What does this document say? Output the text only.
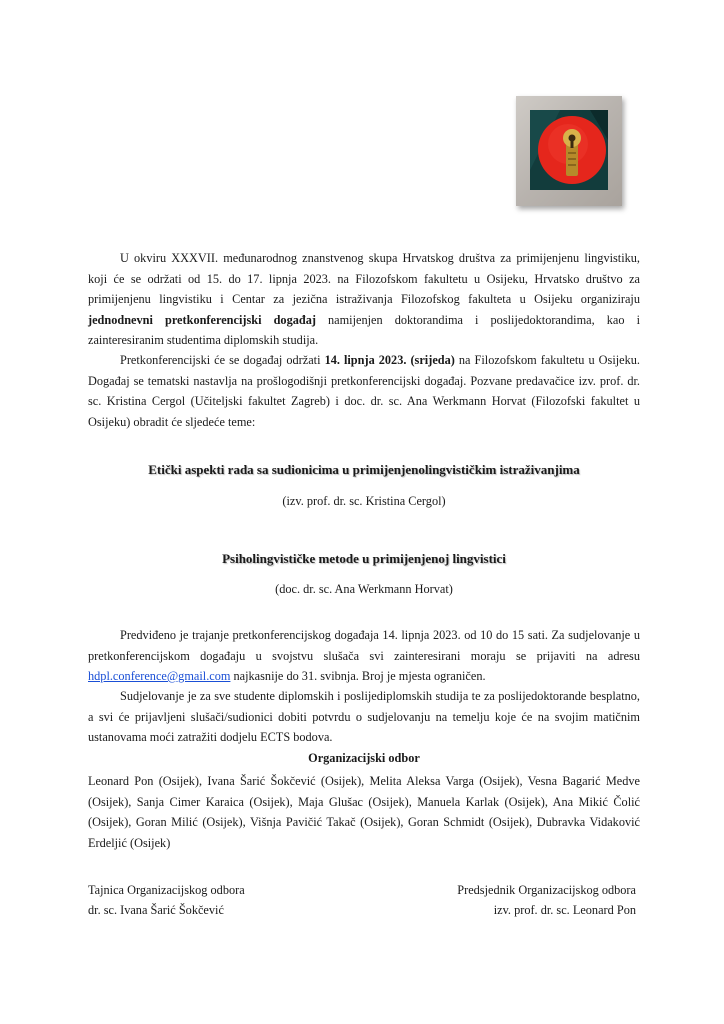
U okviru XXXVII. međunarodnog znanstvenog skupa Hrvatskog društva za primijenjenu lingvistiku, koji će se održati od 15. do 17. lipnja 2023. na Filozofskom fakultetu u Osijeku, Hrvatsko društvo za primijenjenu lingvistiku i Centar za jezična istraživanja Filozofskog fakulteta u Osijeku organiziraju jednodnevni pretkonferencijski događaj namijenjen doktorandima i poslijedoktorandima, kao i zainteresiranim studentima diplomskih studija.

Pretkonferencijski će se događaj održati 14. lipnja 2023. (srijeda) na Filozofskom fakultetu u Osijeku. Događaj se tematski nastavlja na prošlogodišnji pretkonferencijski događaj. Pozvane predavačice izv. prof. dr. sc. Kristina Cergol (Učiteljski fakultet Zagreb) i doc. dr. sc. Ana Werkmann Horvat (Filozofski fakultet u Osijeku) obradit će sljedeće teme:

Etički aspekti rada sa sudionicima u primijenjenolingvističkim istraživanjima

(izv. prof. dr. sc. Kristina Cergol)

Psiholingvističke metode u primijenjenoj lingvistici

(doc. dr. sc. Ana Werkmann Horvat)

Predviđeno je trajanje pretkonferencijskog događaja 14. lipnja 2023. od 10 do 15 sati. Za sudjelovanje u pretkonferencijskom događaju u svojstvu slušača svi zainteresirani moraju se prijaviti na adresu hdpl.conference@gmail.com najkasnije do 31. svibnja. Broj je mjesta ograničen.

Sudjelovanje je za sve studente diplomskih i poslijediplomskih studija te za poslijedoktorande besplatno, a svi će prijavljeni slušači/sudionici dobiti potvrdu o sudjelovanju na temelju koje će na svojim matičnim ustanovama moći zatražiti dodjelu ECTS bodova.

Organizacijski odbor

Leonard Pon (Osijek), Ivana Šarić Šokčević (Osijek), Melita Aleksa Varga (Osijek), Vesna Bagarić Medve (Osijek), Sanja Cimer Karaica (Osijek), Maja Glušac (Osijek), Manuela Karlak (Osijek), Ana Mikić Čolić (Osijek), Goran Milić (Osijek), Višnja Pavičić Takač (Osijek), Goran Schmidt (Osijek), Dubravka Vidaković Erdeljić (Osijek)

Tajnica Organizacijskog odbora
dr. sc. Ivana Šarić Šokčević

Predsjednik Organizacijskog odbora
izv. prof. dr. sc. Leonard Pon
